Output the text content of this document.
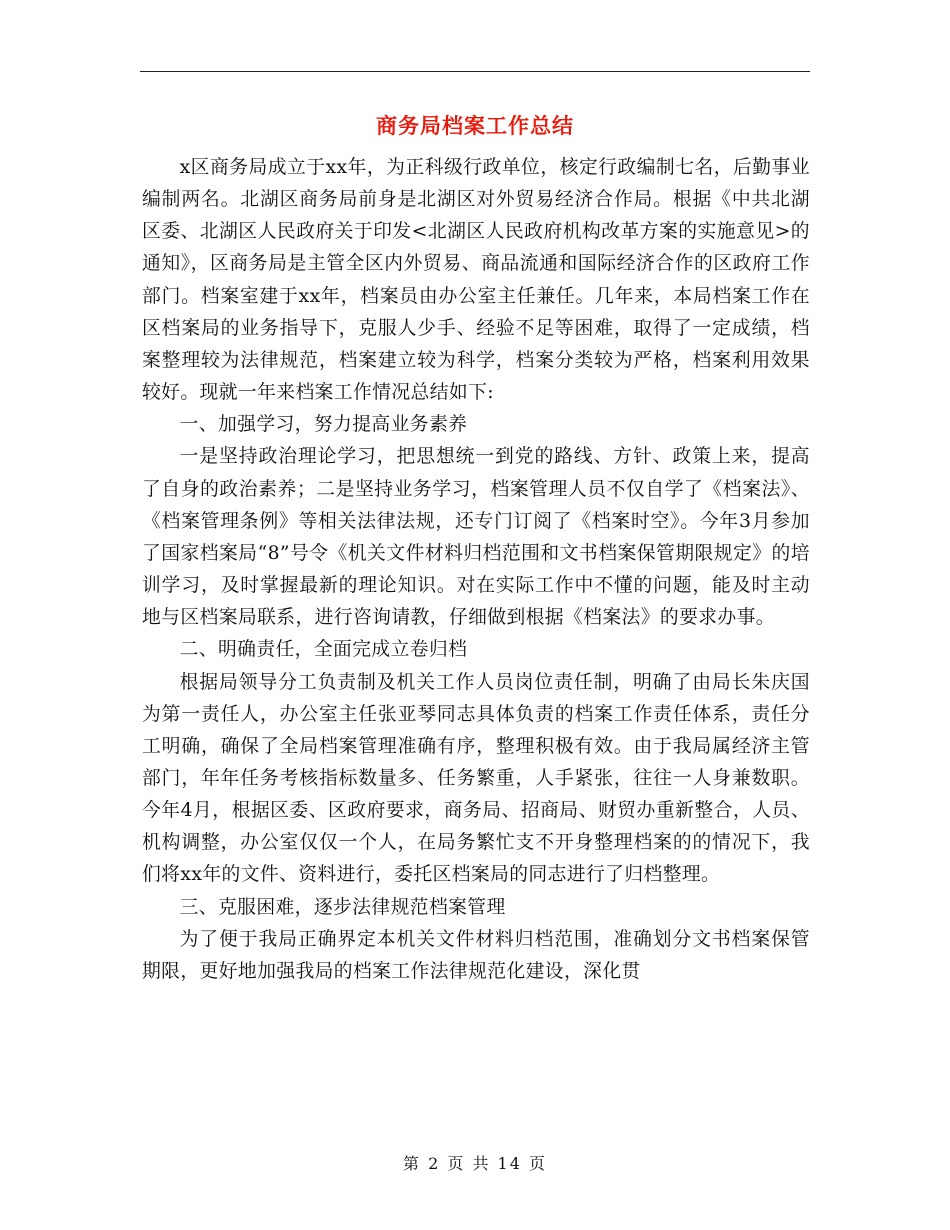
商务局档案工作总结

x区商务局成立于xx年，为正科级行政单位，核定行政编制七名，后勤事业编制两名。北湖区商务局前身是北湖区对外贸易经济合作局。根据《中共北湖区委、北湖区人民政府关于印发<北湖区人民政府机构改革方案的实施意见>的通知》，区商务局是主管全区内外贸易、商品流通和国际经济合作的区政府工作部门。档案室建于xx年，档案员由办公室主任兼任。几年来，本局档案工作在区档案局的业务指导下，克服人少手、经验不足等困难，取得了一定成绩，档案整理较为法律规范，档案建立较为科学，档案分类较为严格，档案利用效果较好。现就一年来档案工作情况总结如下:

一、加强学习，努力提高业务素养

一是坚持政治理论学习，把思想统一到党的路线、方针、政策上来，提高了自身的政治素养；二是坚持业务学习，档案管理人员不仅自学了《档案法》、《档案管理条例》等相关法律法规，还专门订阅了《档案时空》。今年3月参加了国家档案局“8”号令《机关文件材料归档范围和文书档案保管期限规定》的培训学习，及时掌握最新的理论知识。对在实际工作中不懂的问题，能及时主动地与区档案局联系，进行咨询请教，仔细做到根据《档案法》的要求办事。

二、明确责任，全面完成立卷归档

根据局领导分工负责制及机关工作人员岗位责任制，明确了由局长朱庆国为第一责任人，办公室主任张亚琴同志具体负责的档案工作责任体系，责任分工明确，确保了全局档案管理准确有序，整理积极有效。由于我局属经济主管部门，年年任务考核指标数量多、任务繁重，人手紧张，往往一人身兼数职。今年4月，根据区委、区政府要求，商务局、招商局、财贸办重新整合，人员、机构调整，办公室仅仅一个人，在局务繁忙支不开身整理档案的的情况下，我们将xx年的文件、资料进行，委托区档案局的同志进行了归档整理。

三、克服困难，逐步法律规范档案管理

为了便于我局正确界定本机关文件材料归档范围，准确划分文书档案保管期限，更好地加强我局的档案工作法律规范化建设，深化贯

第 2 页 共 14 页
